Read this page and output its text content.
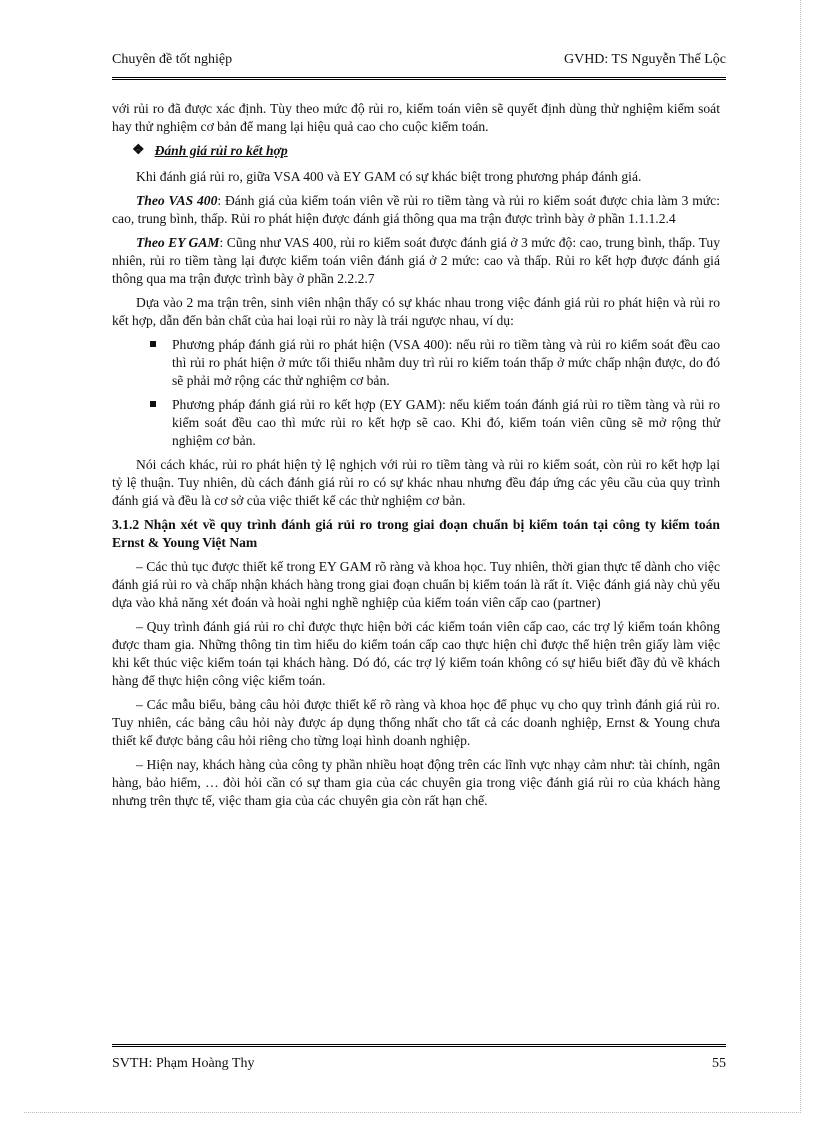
Chuyên đề tốt nghiệp	GVHD: TS Nguyễn Thế Lộc

với rủi ro đã được xác định. Tùy theo mức độ rủi ro, kiểm toán viên sẽ quyết định dùng thử nghiệm kiểm soát hay thử nghiệm cơ bản để mang lại hiệu quả cao cho cuộc kiểm toán.

❖ Đánh giá rủi ro kết hợp

Khi đánh giá rủi ro, giữa VSA 400 và EY GAM có sự khác biệt trong phương pháp đánh giá.

Theo VAS 400: Đánh giá của kiểm toán viên về rủi ro tiềm tàng và rủi ro kiểm soát được chia làm 3 mức: cao, trung bình, thấp. Rủi ro phát hiện được đánh giá thông qua ma trận được trình bày ở phần 1.1.1.2.4

Theo EY GAM: Cũng như VAS 400, rủi ro kiểm soát được đánh giá ở 3 mức độ: cao, trung bình, thấp. Tuy nhiên, rủi ro tiềm tàng lại được kiểm toán viên đánh giá ở 2 mức: cao và thấp. Rủi ro kết hợp được đánh giá thông qua ma trận được trình bày ở phần 2.2.2.7

Dựa vào 2 ma trận trên, sinh viên nhận thấy có sự khác nhau trong việc đánh giá rủi ro phát hiện và rủi ro kết hợp, dẫn đến bản chất của hai loại rủi ro này là trái ngược nhau, ví dụ:

Phương pháp đánh giá rủi ro phát hiện (VSA 400): nếu rủi ro tiềm tàng và rủi ro kiểm soát đều cao thì rủi ro phát hiện ở mức tối thiểu nhằm duy trì rủi ro kiểm toán thấp ở mức chấp nhận được, do đó sẽ phải mở rộng các thử nghiệm cơ bản.
Phương pháp đánh giá rủi ro kết hợp (EY GAM): nếu kiểm toán đánh giá rủi ro tiềm tàng và rủi ro kiểm soát đều cao thì mức rủi ro kết hợp sẽ cao. Khi đó, kiểm toán viên cũng sẽ mở rộng thử nghiệm cơ bản.

Nói cách khác, rủi ro phát hiện tỷ lệ nghịch với rủi ro tiềm tàng và rủi ro kiểm soát, còn rủi ro kết hợp lại tỷ lệ thuận. Tuy nhiên, dù cách đánh giá rủi ro có sự khác nhau nhưng đều đáp ứng các yêu cầu của quy trình đánh giá và đều là cơ sở của việc thiết kế các thử nghiệm cơ bản.

3.1.2 Nhận xét về quy trình đánh giá rủi ro trong giai đoạn chuẩn bị kiểm toán tại công ty kiểm toán Ernst & Young Việt Nam

– Các thủ tục được thiết kế trong EY GAM rõ ràng và khoa học. Tuy nhiên, thời gian thực tế dành cho việc đánh giá rủi ro và chấp nhận khách hàng trong giai đoạn chuẩn bị kiểm toán là rất ít. Việc đánh giá này chủ yếu dựa vào khả năng xét đoán và hoài nghi nghề nghiệp của kiểm toán viên cấp cao (partner)

– Quy trình đánh giá rủi ro chỉ được thực hiện bởi các kiểm toán viên cấp cao, các trợ lý kiểm toán không được tham gia. Những thông tin tìm hiểu do kiểm toán cấp cao thực hiện chỉ được thể hiện trên giấy làm việc khi kết thúc việc kiểm toán tại khách hàng. Dó đó, các trợ lý kiểm toán không có sự hiểu biết đầy đủ về khách hàng để thực hiện công việc kiểm toán.

– Các mẫu biểu, bảng câu hỏi được thiết kế rõ ràng và khoa học để phục vụ cho quy trình đánh giá rủi ro. Tuy nhiên, các bảng câu hỏi này được áp dụng thống nhất cho tất cả các doanh nghiệp, Ernst & Young chưa thiết kế được bảng câu hỏi riêng cho từng loại hình doanh nghiệp.

– Hiện nay, khách hàng của công ty phần nhiều hoạt động trên các lĩnh vực nhạy cảm như: tài chính, ngân hàng, bảo hiểm, … đòi hỏi cần có sự tham gia của các chuyên gia trong việc đánh giá rủi ro của khách hàng nhưng trên thực tế, việc tham gia của các chuyên gia còn rất hạn chế.

SVTH: Phạm Hoàng Thy	55
